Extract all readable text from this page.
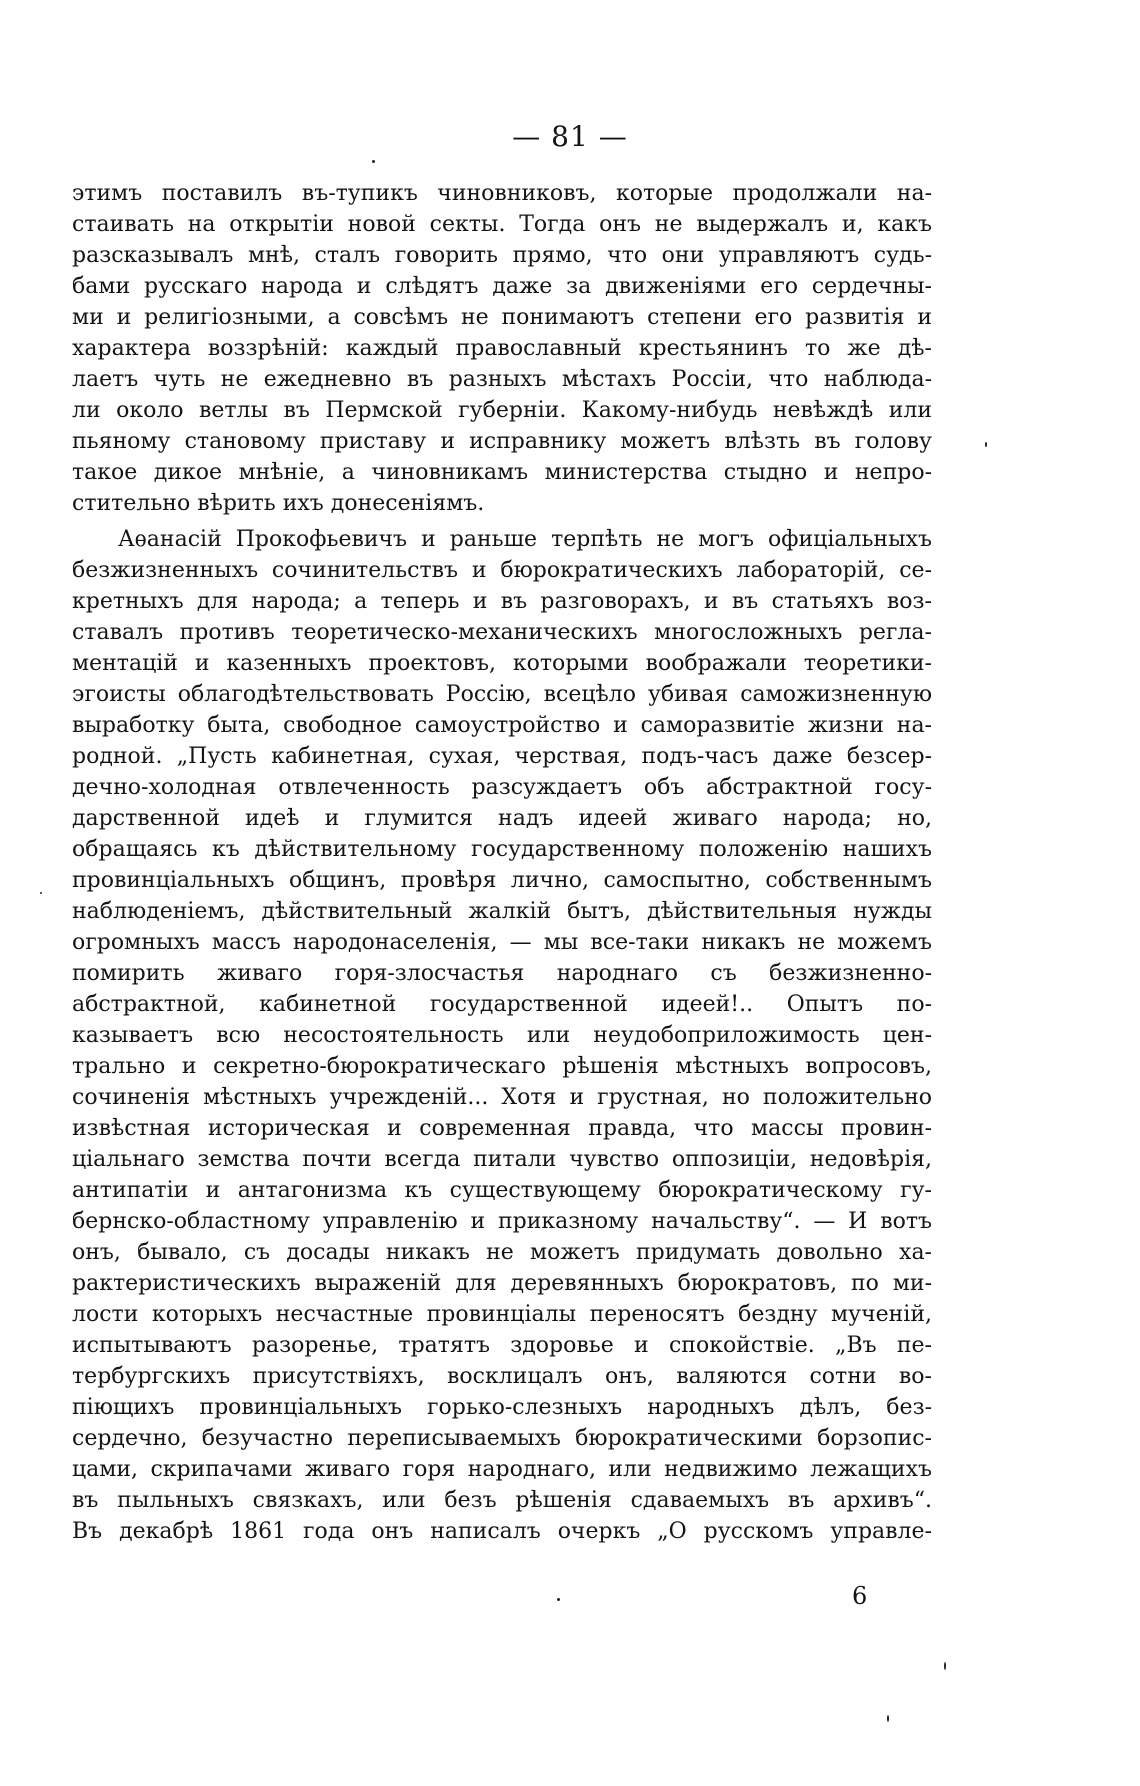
— 81 —
этимъ поставилъ въ-тупикъ чиновниковъ, которые продолжали на-
стаивать на открытіи новой секты. Тогда онъ не выдержалъ и, какъ
разсказывалъ мнѣ, сталъ говорить прямо, что они управляютъ судь-
бами русскаго народа и слѣдятъ даже за движеніями его сердечны-
ми и религіозными, а совсѣмъ не понимаютъ степени его развитія и
характера воззрѣній: каждый православный крестьянинъ то же дѣ-
лаетъ чуть не ежедневно въ разныхъ мѣстахъ Россіи, что наблюда-
ли около ветлы въ Пермской губерніи. Какому-нибудь невѣждѣ или
пьяному становому приставу и исправнику можетъ влѣзть въ голову
такое дикое мнѣніе, а чиновникамъ министерства стыдно и непро-
стительно вѣрить ихъ донесеніямъ.
Аѳанасій Прокофьевичъ и раньше терпѣть не могъ офиціальныхъ
безжизненныхъ сочинительствъ и бюрократическихъ лабораторій, се-
кретныхъ для народа; а теперь и въ разговорахъ, и въ статьяхъ воз-
ставалъ противъ теоретическо-механическихъ многосложныхъ регла-
ментацій и казенныхъ проектовъ, которыми воображали теоретики-
эгоисты облагодѣтельствовать Россію, всецѣло убивая саможизненную
выработку быта, свободное самоустройство и саморазвитіе жизни на-
родной. „Пусть кабинетная, сухая, черствая, подъ-часъ даже безсер-
дечно-холодная отвлеченность разсуждаетъ объ абстрактной госу-
дарственной идеѣ и глумится надъ идеей живаго народа; но,
обращаясь къ дѣйствительному государственному положенію нашихъ
провинціальныхъ общинъ, провѣря лично, самоспытно, собственнымъ
наблюденіемъ, дѣйствительный жалкій бытъ, дѣйствительныя нужды
огромныхъ массъ народонаселенія, — мы все-таки никакъ не можемъ
помирить живаго горя-злосчастья народнаго съ безжизненно-
абстрактной, кабинетной государственной идеей!.. Опытъ по-
казываетъ всю несостоятельность или неудобоприложимость цен-
трально и секретно-бюрократическаго рѣшенія мѣстныхъ вопросовъ,
сочиненія мѣстныхъ учрежденій... Хотя и грустная, но положительно
извѣстная историческая и современная правда, что массы провин-
ціальнаго земства почти всегда питали чувство оппозиціи, недовѣрія,
антипатіи и антагонизма къ существующему бюрократическому гу-
бернско-областному управленію и приказному начальству“. — И вотъ
онъ, бывало, съ досады никакъ не можетъ придумать довольно ха-
рактеристическихъ выраженій для деревянныхъ бюрократовъ, по ми-
лости которыхъ несчастные провинціалы переносятъ бездну мученій,
испытываютъ разоренье, тратятъ здоровье и спокойствіе. „Въ пе-
тербургскихъ присутствіяхъ, восклицалъ онъ, валяются сотни во-
піющихъ провинціальныхъ горько-слезныхъ народныхъ дѣлъ, без-
сердечно, безучастно переписываемыхъ бюрократическими борзопис-
цами, скрипачами живаго горя народнаго, или недвижимо лежащихъ
въ пыльныхъ связкахъ, или безъ рѣшенія сдаваемыхъ въ архивъ“.
Въ декабрѣ 1861 года онъ написалъ очеркъ „О русскомъ управле-
6
